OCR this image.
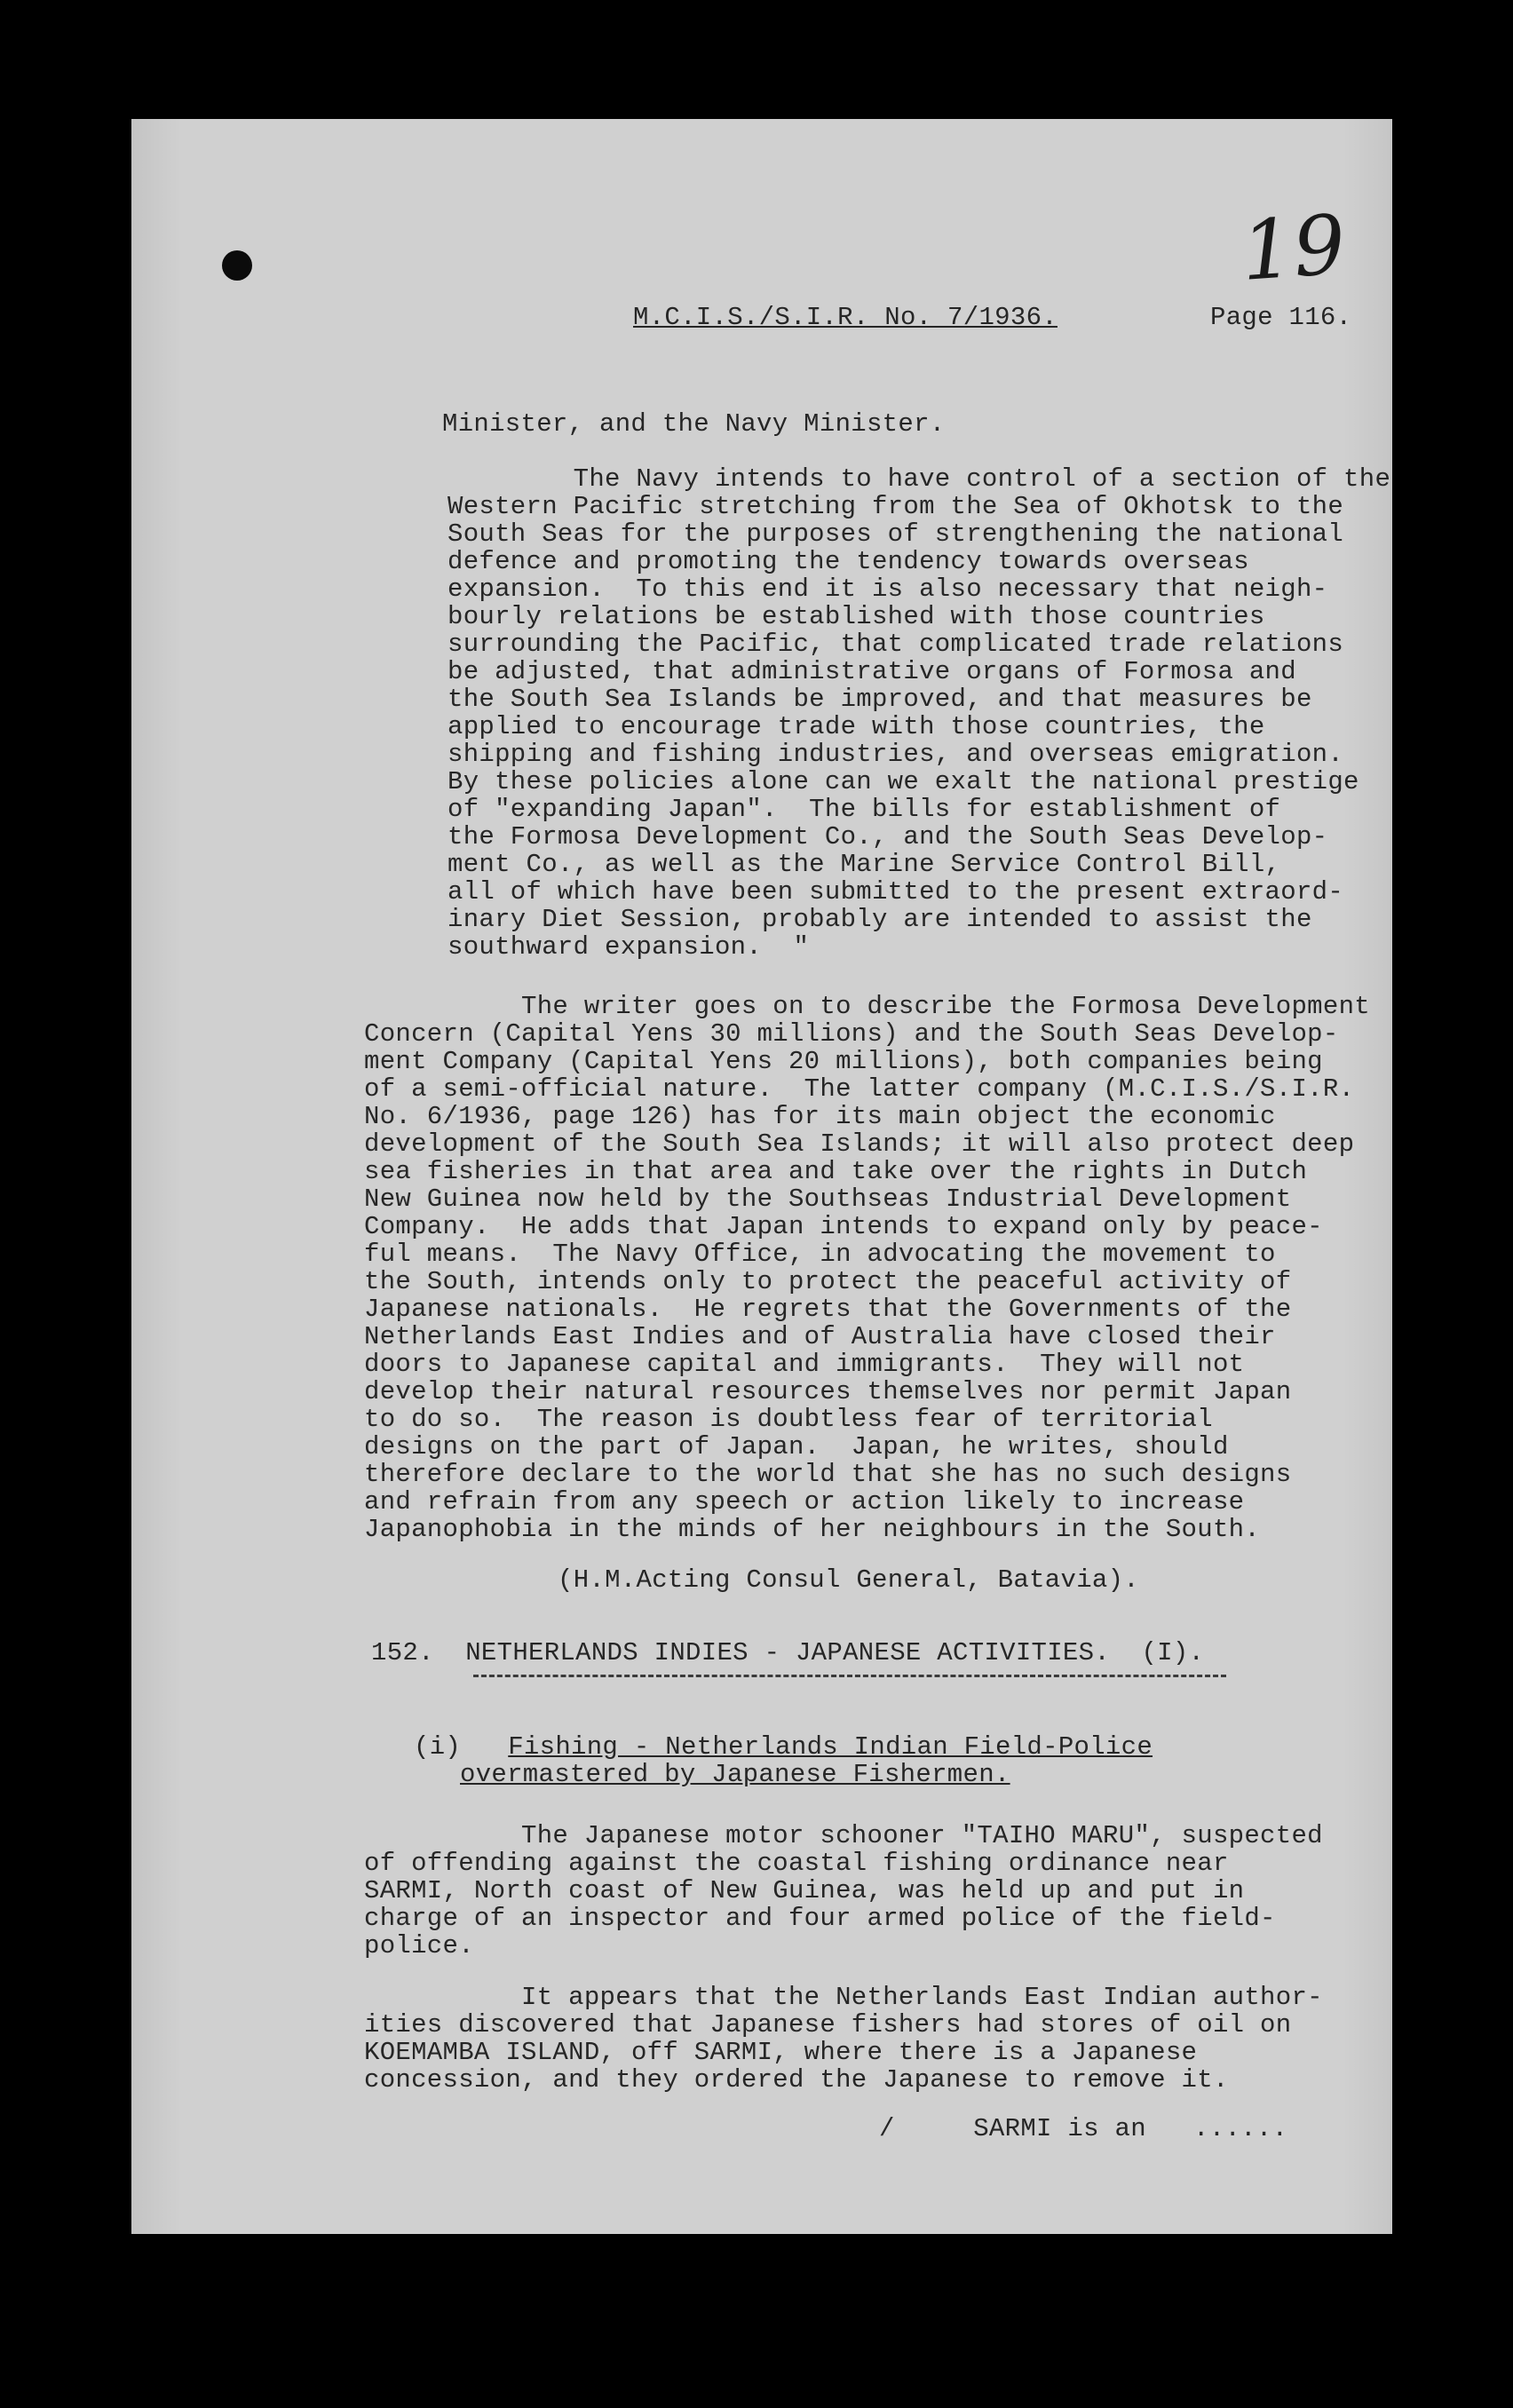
19
M.C.I.S./S.I.R. No. 7/1936.	Page 116.
Minister, and the Navy Minister.
The Navy intends to have control of a section of the
Western Pacific stretching from the Sea of Okhotsk to the
South Seas for the purposes of strengthening the national
defence and promoting the tendency towards overseas
expansion.  To this end it is also necessary that neigh-
bourly relations be established with those countries
surrounding the Pacific, that complicated trade relations
be adjusted, that administrative organs of Formosa and
the South Sea Islands be improved, and that measures be
applied to encourage trade with those countries, the
shipping and fishing industries, and overseas emigration.
By these policies alone can we exalt the national prestige
of "expanding Japan".  The bills for establishment of
the Formosa Development Co., and the South Seas Develop-
ment Co., as well as the Marine Service Control Bill,
all of which have been submitted to the present extraord-
inary Diet Session, probably are intended to assist the
southward expansion.  "
The writer goes on to describe the Formosa Development
Concern (Capital Yens 30 millions) and the South Seas Develop-
ment Company (Capital Yens 20 millions), both companies being
of a semi-official nature.  The latter company (M.C.I.S./S.I.R.
No. 6/1936, page 126) has for its main object the economic
development of the South Sea Islands; it will also protect deep
sea fisheries in that area and take over the rights in Dutch
New Guinea now held by the Southseas Industrial Development
Company.  He adds that Japan intends to expand only by peace-
ful means.  The Navy Office, in advocating the movement to
the South, intends only to protect the peaceful activity of
Japanese nationals.  He regrets that the Governments of the
Netherlands East Indies and of Australia have closed their
doors to Japanese capital and immigrants.  They will not
develop their natural resources themselves nor permit Japan
to do so.  The reason is doubtless fear of territorial
designs on the part of Japan.  Japan, he writes, should
therefore declare to the world that she has no such designs
and refrain from any speech or action likely to increase
Japanophobia in the minds of her neighbours in the South.
(H.M.Acting Consul General, Batavia).
152.  NETHERLANDS INDIES - JAPANESE ACTIVITIES.  (I).
(i) Fishing - Netherlands Indian Field-Police
overmastered by Japanese Fishermen.
The Japanese motor schooner "TAIHO MARU", suspected
of offending against the coastal fishing ordinance near
SARMI, North coast of New Guinea, was held up and put in
charge of an inspector and four armed police of the field-
police.
It appears that the Netherlands East Indian author-
ities discovered that Japanese fishers had stores of oil on
KOEMAMBA ISLAND, off SARMI, where there is a Japanese
concession, and they ordered the Japanese to remove it.
/     SARMI is an   ......
